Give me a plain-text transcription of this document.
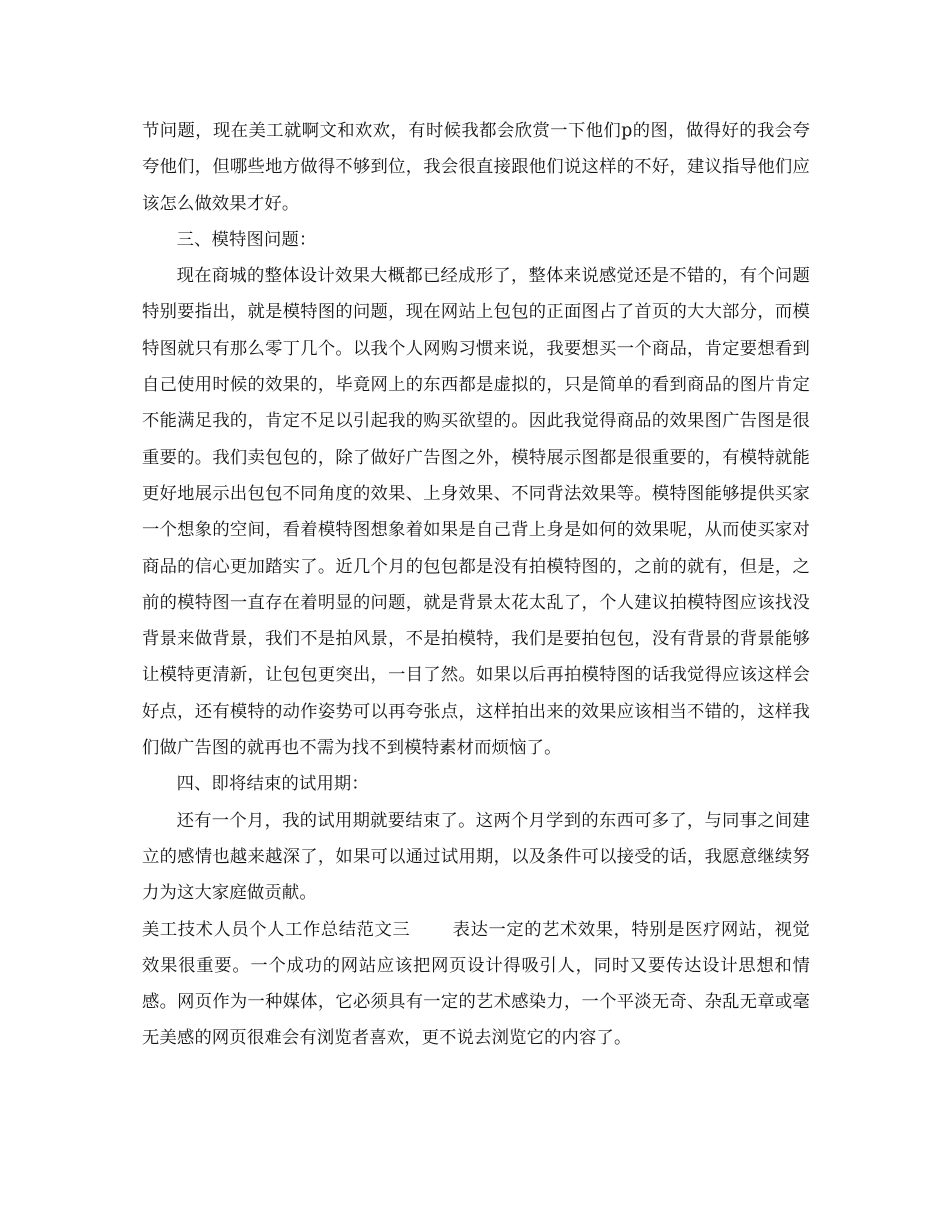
节问题，现在美工就啊文和欢欢，有时候我都会欣赏一下他们p的图，做得好的我会夸夸他们，但哪些地方做得不够到位，我会很直接跟他们说这样的不好，建议指导他们应该怎么做效果才好。

三、模特图问题：

现在商城的整体设计效果大概都已经成形了，整体来说感觉还是不错的，有个问题特别要指出，就是模特图的问题，现在网站上包包的正面图占了首页的大大部分，而模特图就只有那么零丁几个。以我个人网购习惯来说，我要想买一个商品，肯定要想看到自己使用时候的效果的，毕竟网上的东西都是虚拟的，只是简单的看到商品的图片肯定不能满足我的，肯定不足以引起我的购买欲望的。因此我觉得商品的效果图广告图是很重要的。我们卖包包的，除了做好广告图之外，模特展示图都是很重要的，有模特就能更好地展示出包包不同角度的效果、上身效果、不同背法效果等。模特图能够提供买家一个想象的空间，看着模特图想象着如果是自己背上身是如何的效果呢，从而使买家对商品的信心更加踏实了。近几个月的包包都是没有拍模特图的，之前的就有，但是，之前的模特图一直存在着明显的问题，就是背景太花太乱了，个人建议拍模特图应该找没背景来做背景，我们不是拍风景，不是拍模特，我们是要拍包包，没有背景的背景能够让模特更清新，让包包更突出，一目了然。如果以后再拍模特图的话我觉得应该这样会好点，还有模特的动作姿势可以再夸张点，这样拍出来的效果应该相当不错的，这样我们做广告图的就再也不需为找不到模特素材而烦恼了。

四、即将结束的试用期：

还有一个月，我的试用期就要结束了。这两个月学到的东西可多了，与同事之间建立的感情也越来越深了，如果可以通过试用期，以及条件可以接受的话，我愿意继续努力为这大家庭做贡献。

美工技术人员个人工作总结范文三 表达一定的艺术效果，特别是医疗网站，视觉效果很重要。一个成功的网站应该把网页设计得吸引人，同时又要传达设计思想和情感。网页作为一种媒体，它必须具有一定的艺术感染力，一个平淡无奇、杂乱无章或毫无美感的网页很难会有浏览者喜欢，更不说去浏览它的内容了。
